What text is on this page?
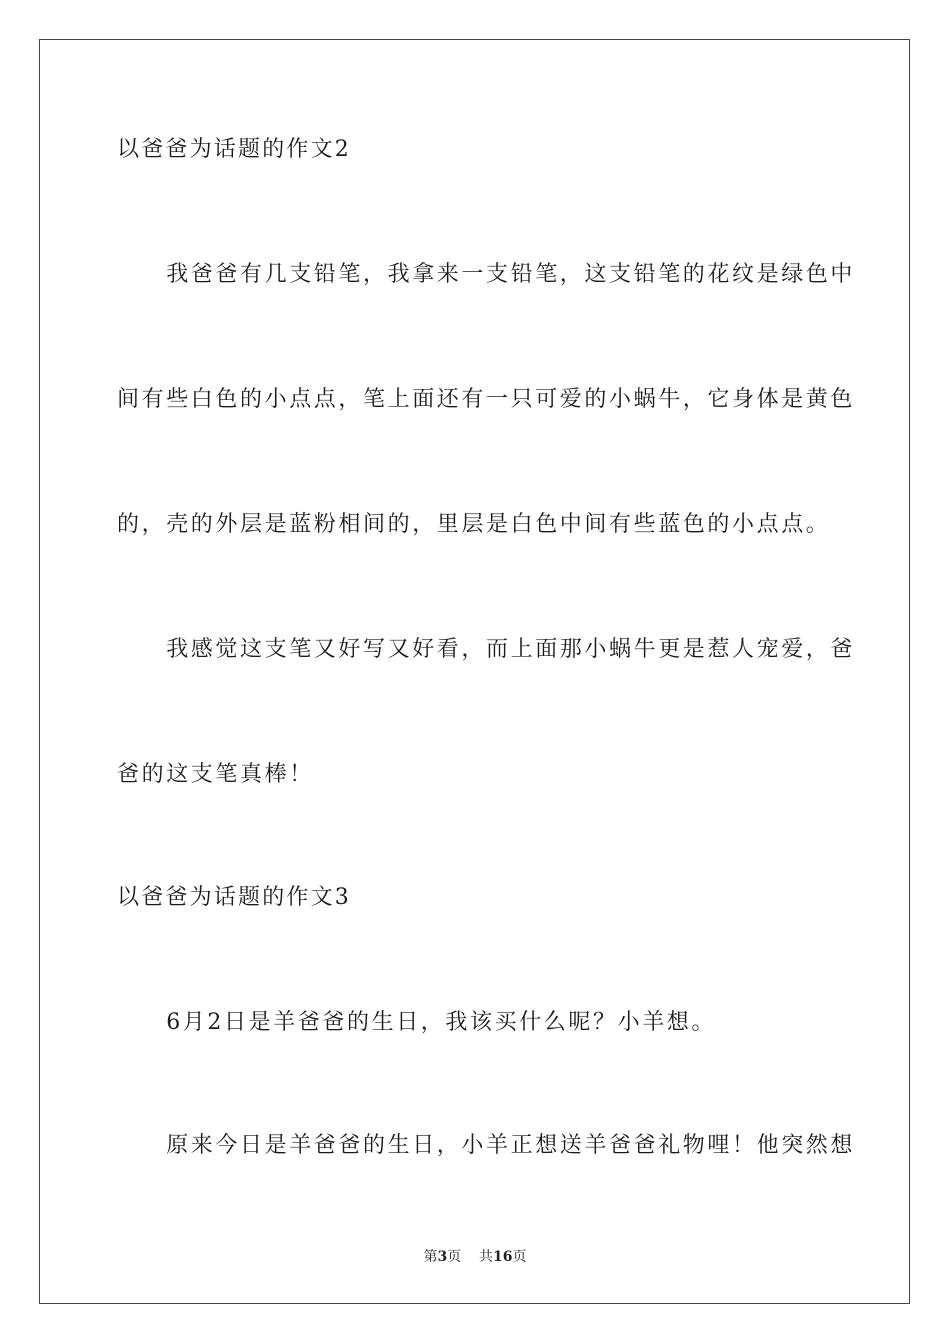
以爸爸为话题的作文2
　　我爸爸有几支铅笔，我拿来一支铅笔，这支铅笔的花纹是绿色中
间有些白色的小点点，笔上面还有一只可爱的小蜗牛，它身体是黄色
的，壳的外层是蓝粉相间的，里层是白色中间有些蓝色的小点点。
　　我感觉这支笔又好写又好看，而上面那小蜗牛更是惹人宠爱，爸
爸的这支笔真棒！
以爸爸为话题的作文3
　　6月2日是羊爸爸的生日，我该买什么呢？小羊想。
　　原来今日是羊爸爸的生日，小羊正想送羊爸爸礼物哩！他突然想
第3页 共16页
